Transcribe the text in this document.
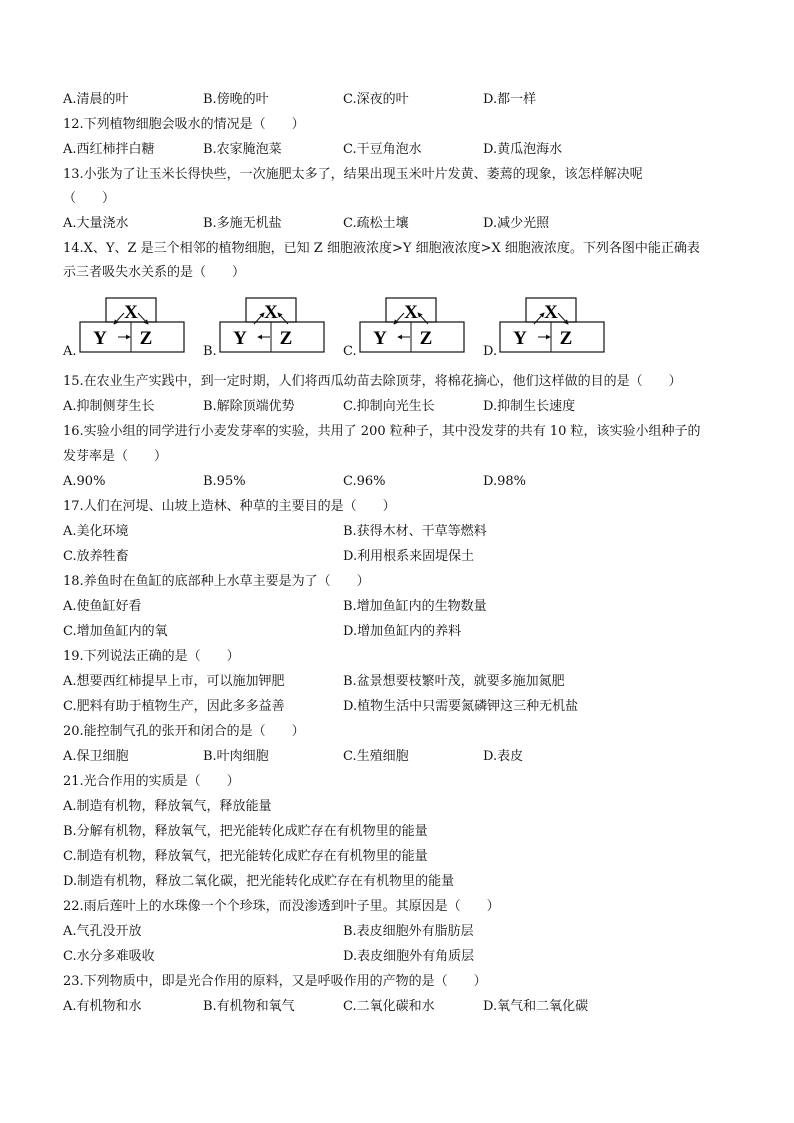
A.清晨的叶	B.傍晚的叶	C.深夜的叶	D.都一样
12.下列植物细胞会吸水的情况是（　　）
A.西红柿拌白糖	B.农家腌泡菜	C.干豆角泡水	D.黄瓜泡海水
13.小张为了让玉米长得快些，一次施肥太多了，结果出现玉米叶片发黄、萎蔫的现象，该怎样解决呢
（　　）
A.大量浇水	B.多施无机盐	C.疏松土壤	D.减少光照
14.X、Y、Z 是三个相邻的植物细胞，已知 Z 细胞液浓度>Y 细胞液浓度>X 细胞液浓度。下列各图中能正确表
示三者吸失水关系的是（　　）
A.	B.	C.	D.
X
Y Z
X
Y Z
X
Y Z
X
Y Z
15.在农业生产实践中，到一定时期，人们将西瓜幼苗去除顶芽，将棉花摘心，他们这样做的目的是（　　）
A.抑制侧芽生长	B.解除顶端优势	C.抑制向光生长	D.抑制生长速度
16.实验小组的同学进行小麦发芽率的实验，共用了 200 粒种子，其中没发芽的共有 10 粒，该实验小组种子的
发芽率是（　　）
A.90%	B.95%	C.96%	D.98%
17.人们在河堤、山坡上造林、种草的主要目的是（　　）
A.美化环境	B.获得木材、干草等燃料
C.放养牲畜	D.利用根系来固堤保土
18.养鱼时在鱼缸的底部种上水草主要是为了（　　）
A.使鱼缸好看	B.增加鱼缸内的生物数量
C.增加鱼缸内的氧	D.增加鱼缸内的养料
19.下列说法正确的是（　　）
A.想要西红柿提早上市，可以施加钾肥	B.盆景想要枝繁叶茂，就要多施加氮肥
C.肥料有助于植物生产，因此多多益善	D.植物生活中只需要氮磷钾这三种无机盐
20.能控制气孔的张开和闭合的是（　　）
A.保卫细胞	B.叶肉细胞	C.生殖细胞	D.表皮
21.光合作用的实质是（　　）
A.制造有机物，释放氧气，释放能量
B.分解有机物，释放氧气，把光能转化成贮存在有机物里的能量
C.制造有机物，释放氧气，把光能转化成贮存在有机物里的能量
D.制造有机物，释放二氧化碳，把光能转化成贮存在有机物里的能量
22.雨后莲叶上的水珠像一个个珍珠，而没渗透到叶子里。其原因是（　　）
A.气孔没开放	B.表皮细胞外有脂肪层
C.水分多难吸收	D.表皮细胞外有角质层
23.下列物质中，即是光合作用的原料，又是呼吸作用的产物的是（　　）
A.有机物和水	B.有机物和氧气	C.二氧化碳和水	D.氧气和二氧化碳
